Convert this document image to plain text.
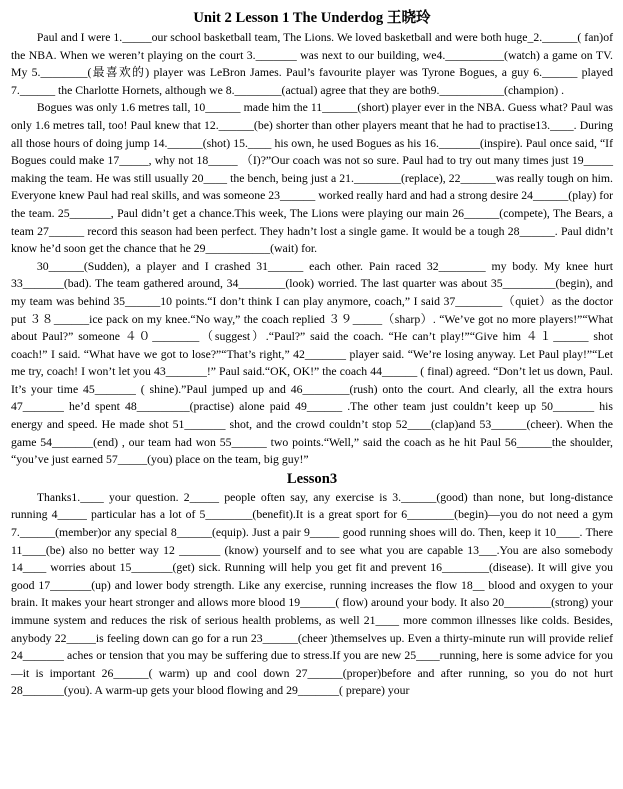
Unit 2 Lesson 1 The Underdog 王晓玲

Paul and I were 1._____our school basketball team, The Lions. We loved basketball and were both huge_2.______( fan)of the NBA. When we weren’t playing on the court 3._______ was next to our building, we4.__________(watch) a game on TV. My 5.________(最喜欢的) player was LeBron James. Paul’s favourite player was Tyrone Bogues, a guy 6.______ played 7.______ the Charlotte Hornets, although we 8.________(actual) agree that they are both9.___________(champion) .

Bogues was only 1.6 metres tall, 10______ made him the 11______(short) player ever in the NBA. Guess what? Paul was only 1.6 metres tall, too! Paul knew that 12.______(be) shorter than other players meant that he had to practise13.____. During all those hours of doing jump 14.______(shot) 15.____ his own, he used Bogues as his 16._______(inspire). Paul once said, “If Bogues could make 17_____, why not 18_____ （I)?”Our coach was not so sure. Paul had to try out many times just 19_____ making the team. He was still usually 20____ the bench, being just a 21.________(replace), 22______was really tough on him. Everyone knew Paul had real skills, and was someone 23______ worked really hard and had a strong desire 24______(play) for the team. 25_______, Paul didn’t get a chance.This week, The Lions were playing our main 26______(compete), The Bears, a team 27______ record this season had been perfect. They hadn’t lost a single game. It would be a tough 28______. Paul didn’t know he’d soon get the chance that he 29___________(wait) for.

30______(Sudden), a player and I crashed 31______ each other. Pain raced 32________ my body. My knee hurt 33_______(bad). The team gathered around, 34________(look) worried. The last quarter was about 35_________(begin), and my team was behind 35______10 points.“I don’t think I can play anymore, coach,” I said 37________（quiet）as the doctor put ３８______ice pack on my knee.“No way,” the coach replied ３９_____（sharp）. “We’ve got no more players!”“What about Paul?” someone ４０________（suggest）.“Paul?” said the coach. “He can’t play!”“Give him ４１______ shot coach!” I said. “What have we got to lose?”“That’s right,” 42_______ player said. “We’re losing anyway. Let Paul play!”“Let me try, coach! I won’t let you 43_______!” Paul said.“OK, OK!” the coach 44______ ( final) agreed. “Don’t let us down, Paul. It’s your time 45_______ ( shine).”Paul jumped up and 46________(rush) onto the court. And clearly, all the extra hours 47_______ he’d spent 48_________(practise) alone paid 49______ .The other team just couldn’t keep up 50_______ his energy and speed. He made shot 51_______ shot, and the crowd couldn’t stop 52____(clap)and 53______(cheer). When the game 54_______(end) , our team had won 55______ two points.“Well,” said the coach as he hit Paul 56______the shoulder, “you’ve just earned 57_____(you) place on the team, big guy!”

Lesson3

Thanks1.____ your question. 2_____ people often say, any exercise is 3.______(good) than none, but long-distance running 4_____ particular has a lot of 5________(benefit).It is a great sport for 6________(begin)—you do not need a gym 7.______(member)or any special 8______(equip). Just a pair 9_____ good running shoes will do. Then, keep it 10____. There 11____(be) also no better way 12 _______ (know) yourself and to see what you are capable 13___.You are also somebody 14____ worries about 15_______(get) sick. Running will help you get fit and prevent 16________(disease). It will give you good 17_______(up) and lower body strength. Like any exercise, running increases the flow 18__ blood and oxygen to your brain. It makes your heart stronger and allows more blood 19______( flow) around your body. It also 20________(strong) your immune system and reduces the risk of serious health problems, as well 21____ more common illnesses like colds. Besides, anybody 22_____is feeling down can go for a run 23______(cheer )themselves up. Even a thirty-minute run will provide relief 24_______ aches or tension that you may be suffering due to stress.If you are new 25____running, here is some advice for you—it is important 26______( warm) up and cool down 27______(proper)before and after running, so you do not hurt 28_______(you). A warm-up gets your blood flowing and 29_______( prepare) your
